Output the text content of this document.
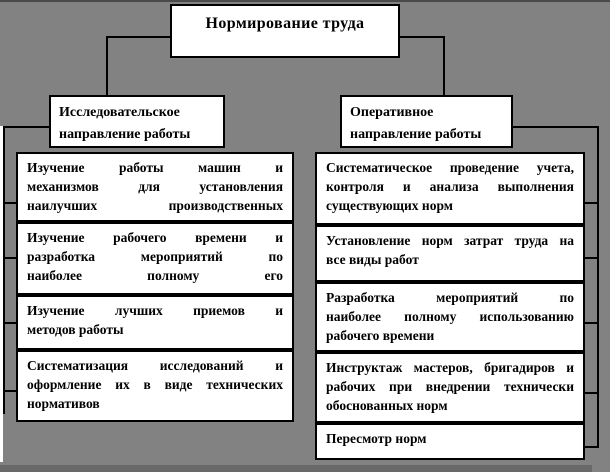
Нормирование труда
Исследовательское
направление работы
Оперативное
направление работы
Изучение работы машин и
механизмов для установления
наилучших производственных
Изучение рабочего времени и
разработка мероприятий по
наиболее полному его
Изучение лучших приемов и
методов работы
Систематизация исследований и
оформление их в виде технических
нормативов
Систематическое проведение учета,
контроля и анализа выполнения
существующих норм
Установление норм затрат труда на
все виды работ
Разработка мероприятий по
наиболее полному использованию
рабочего времени
Инструктаж мастеров, бригадиров и
рабочих при внедрении технически
обоснованных норм
Пересмотр норм
